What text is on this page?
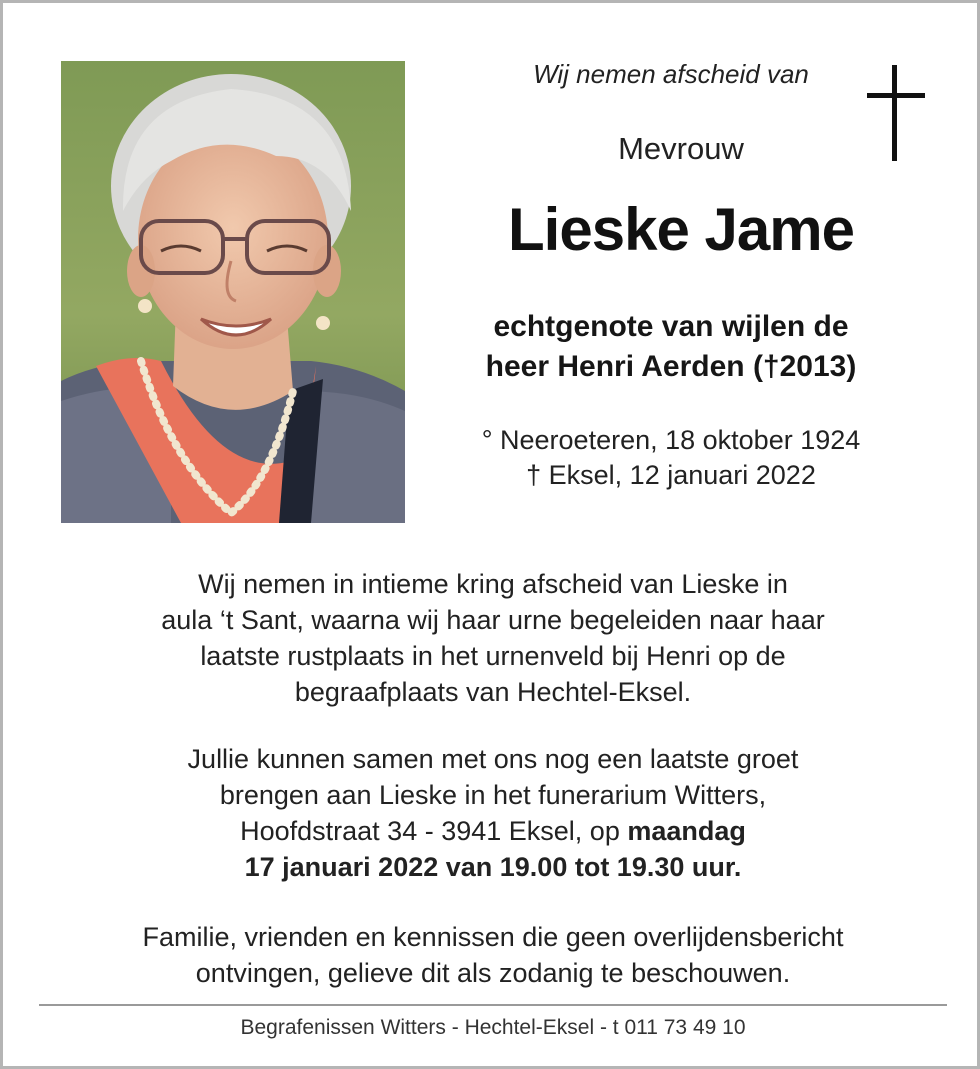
Wij nemen afscheid van
Mevrouw
Lieske Jame
echtgenote van wijlen de
heer Henri Aerden (†2013)
° Neeroeteren, 18 oktober 1924
† Eksel, 12 januari 2022
Wij nemen in intieme kring afscheid van Lieske in
aula ‘t Sant, waarna wij haar urne begeleiden naar haar
laatste rustplaats in het urnenveld bij Henri op de
begraafplaats van Hechtel-Eksel.
Jullie kunnen samen met ons nog een laatste groet
brengen aan Lieske in het funerarium Witters,
Hoofdstraat 34 - 3941 Eksel, op maandag
17 januari 2022 van 19.00 tot 19.30 uur.
Familie, vrienden en kennissen die geen overlijdensbericht
ontvingen, gelieve dit als zodanig te beschouwen.
Begrafenissen Witters - Hechtel-Eksel - t 011 73 49 10
